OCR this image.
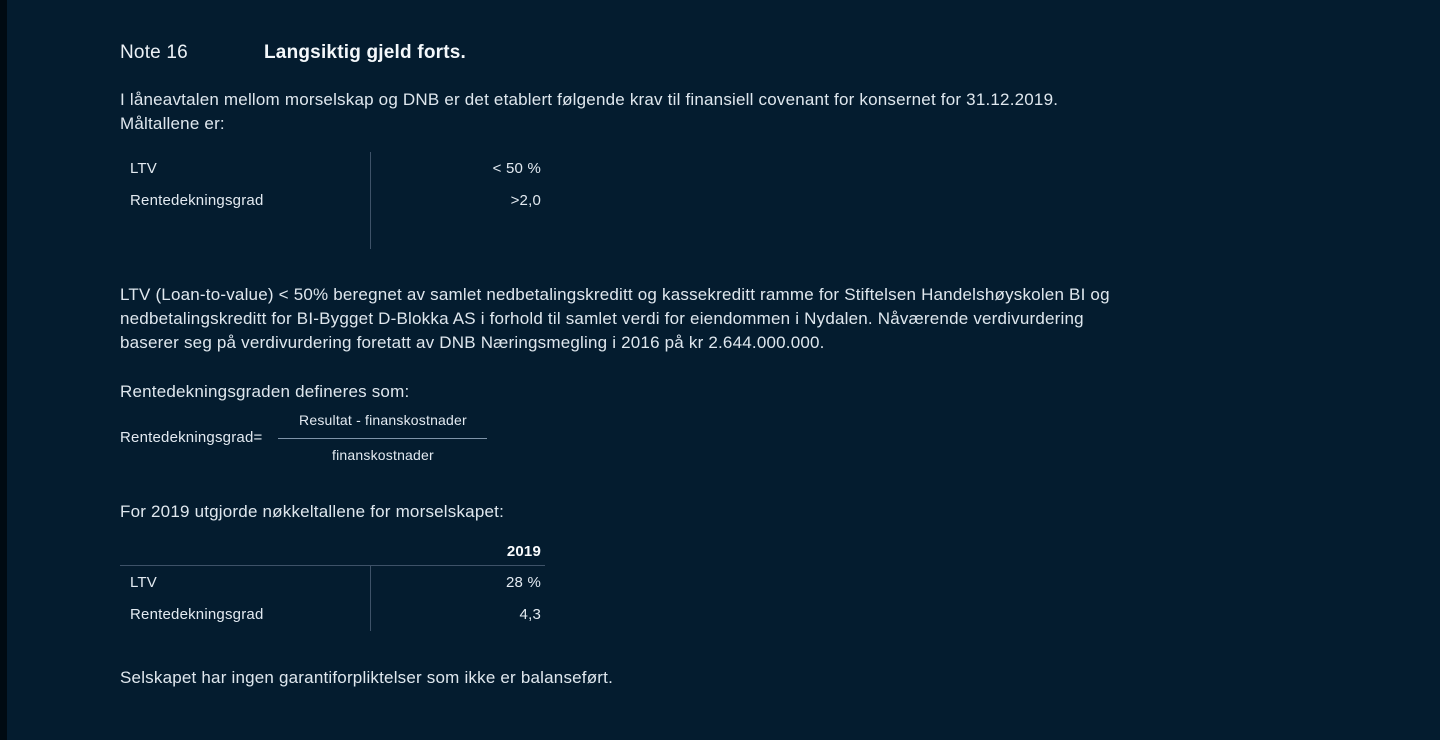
Note 16	Langsiktig gjeld forts.
I låneavtalen mellom morselskap og DNB er det etablert følgende krav til finansiell covenant for konsernet for 31.12.2019.
Måltallene er:
LTV	< 50 %
Rentedekningsgrad	>2,0
LTV (Loan-to-value) < 50% beregnet av samlet nedbetalingskreditt og kassekreditt ramme for Stiftelsen Handelshøyskolen BI og
nedbetalingskreditt for BI-Bygget D-Blokka AS i forhold til samlet verdi for eiendommen i Nydalen. Nåværende verdivurdering
baserer seg på verdivurdering foretatt av DNB Næringsmegling i 2016 på kr 2.644.000.000.
Rentedekningsgraden defineres som:
Rentedekningsgrad= $\frac{\text{Resultat - finanskostnader}}{\text{finanskostnader}}$
For 2019 utgjorde nøkkeltallene for morselskapet:
2019
LTV	28 %
Rentedekningsgrad	4,3
Selskapet har ingen garantiforpliktelser som ikke er balanseført.
